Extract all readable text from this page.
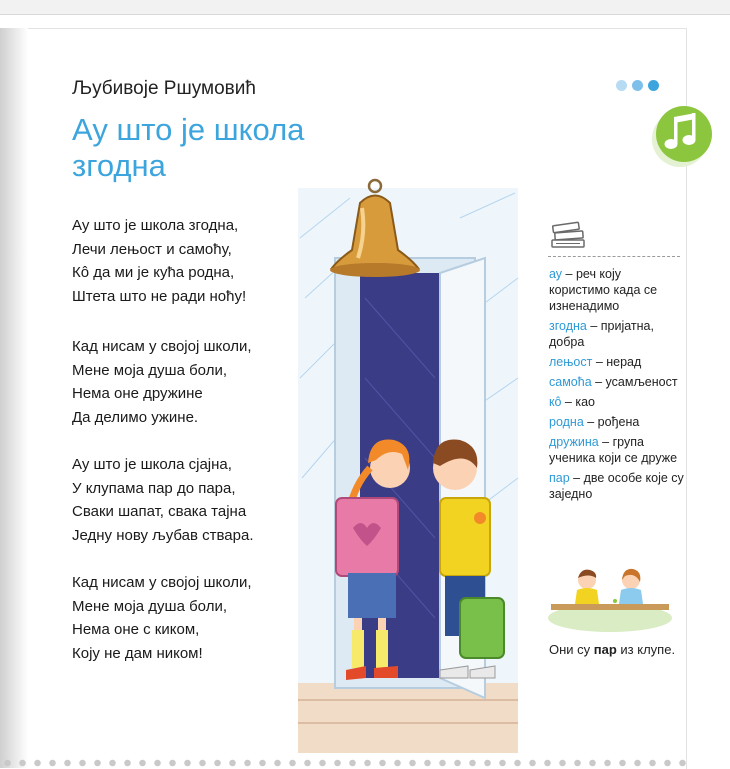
Љубивоје Ршумовић
Ау што је школа згодна
Ау што је школа згодна,
Лечи лењост и самоћу,
Кô да ми је кућа родна,
Штета што не ради ноћу!
Кад нисам у својој школи,
Мене моја душа боли,
Нема оне дружине
Да делимо ужине.
Ау што је школа сјајна,
У клупама пар до пара,
Сваки шапат, свака тајна
Једну нову љубав ствара.
Кад нисам у својој школи,
Мене моја душа боли,
Нема оне с киком,
Коју не дам ником!
ау – реч коју користимо када се изненадимо
згодна – пријатна, добра
лењост – нерад
самоћа – усамљеност
кô – као
родна – рођена
дружина – група ученика који се друже
пар – две особе које су заједно
Они су пар из клупе.
